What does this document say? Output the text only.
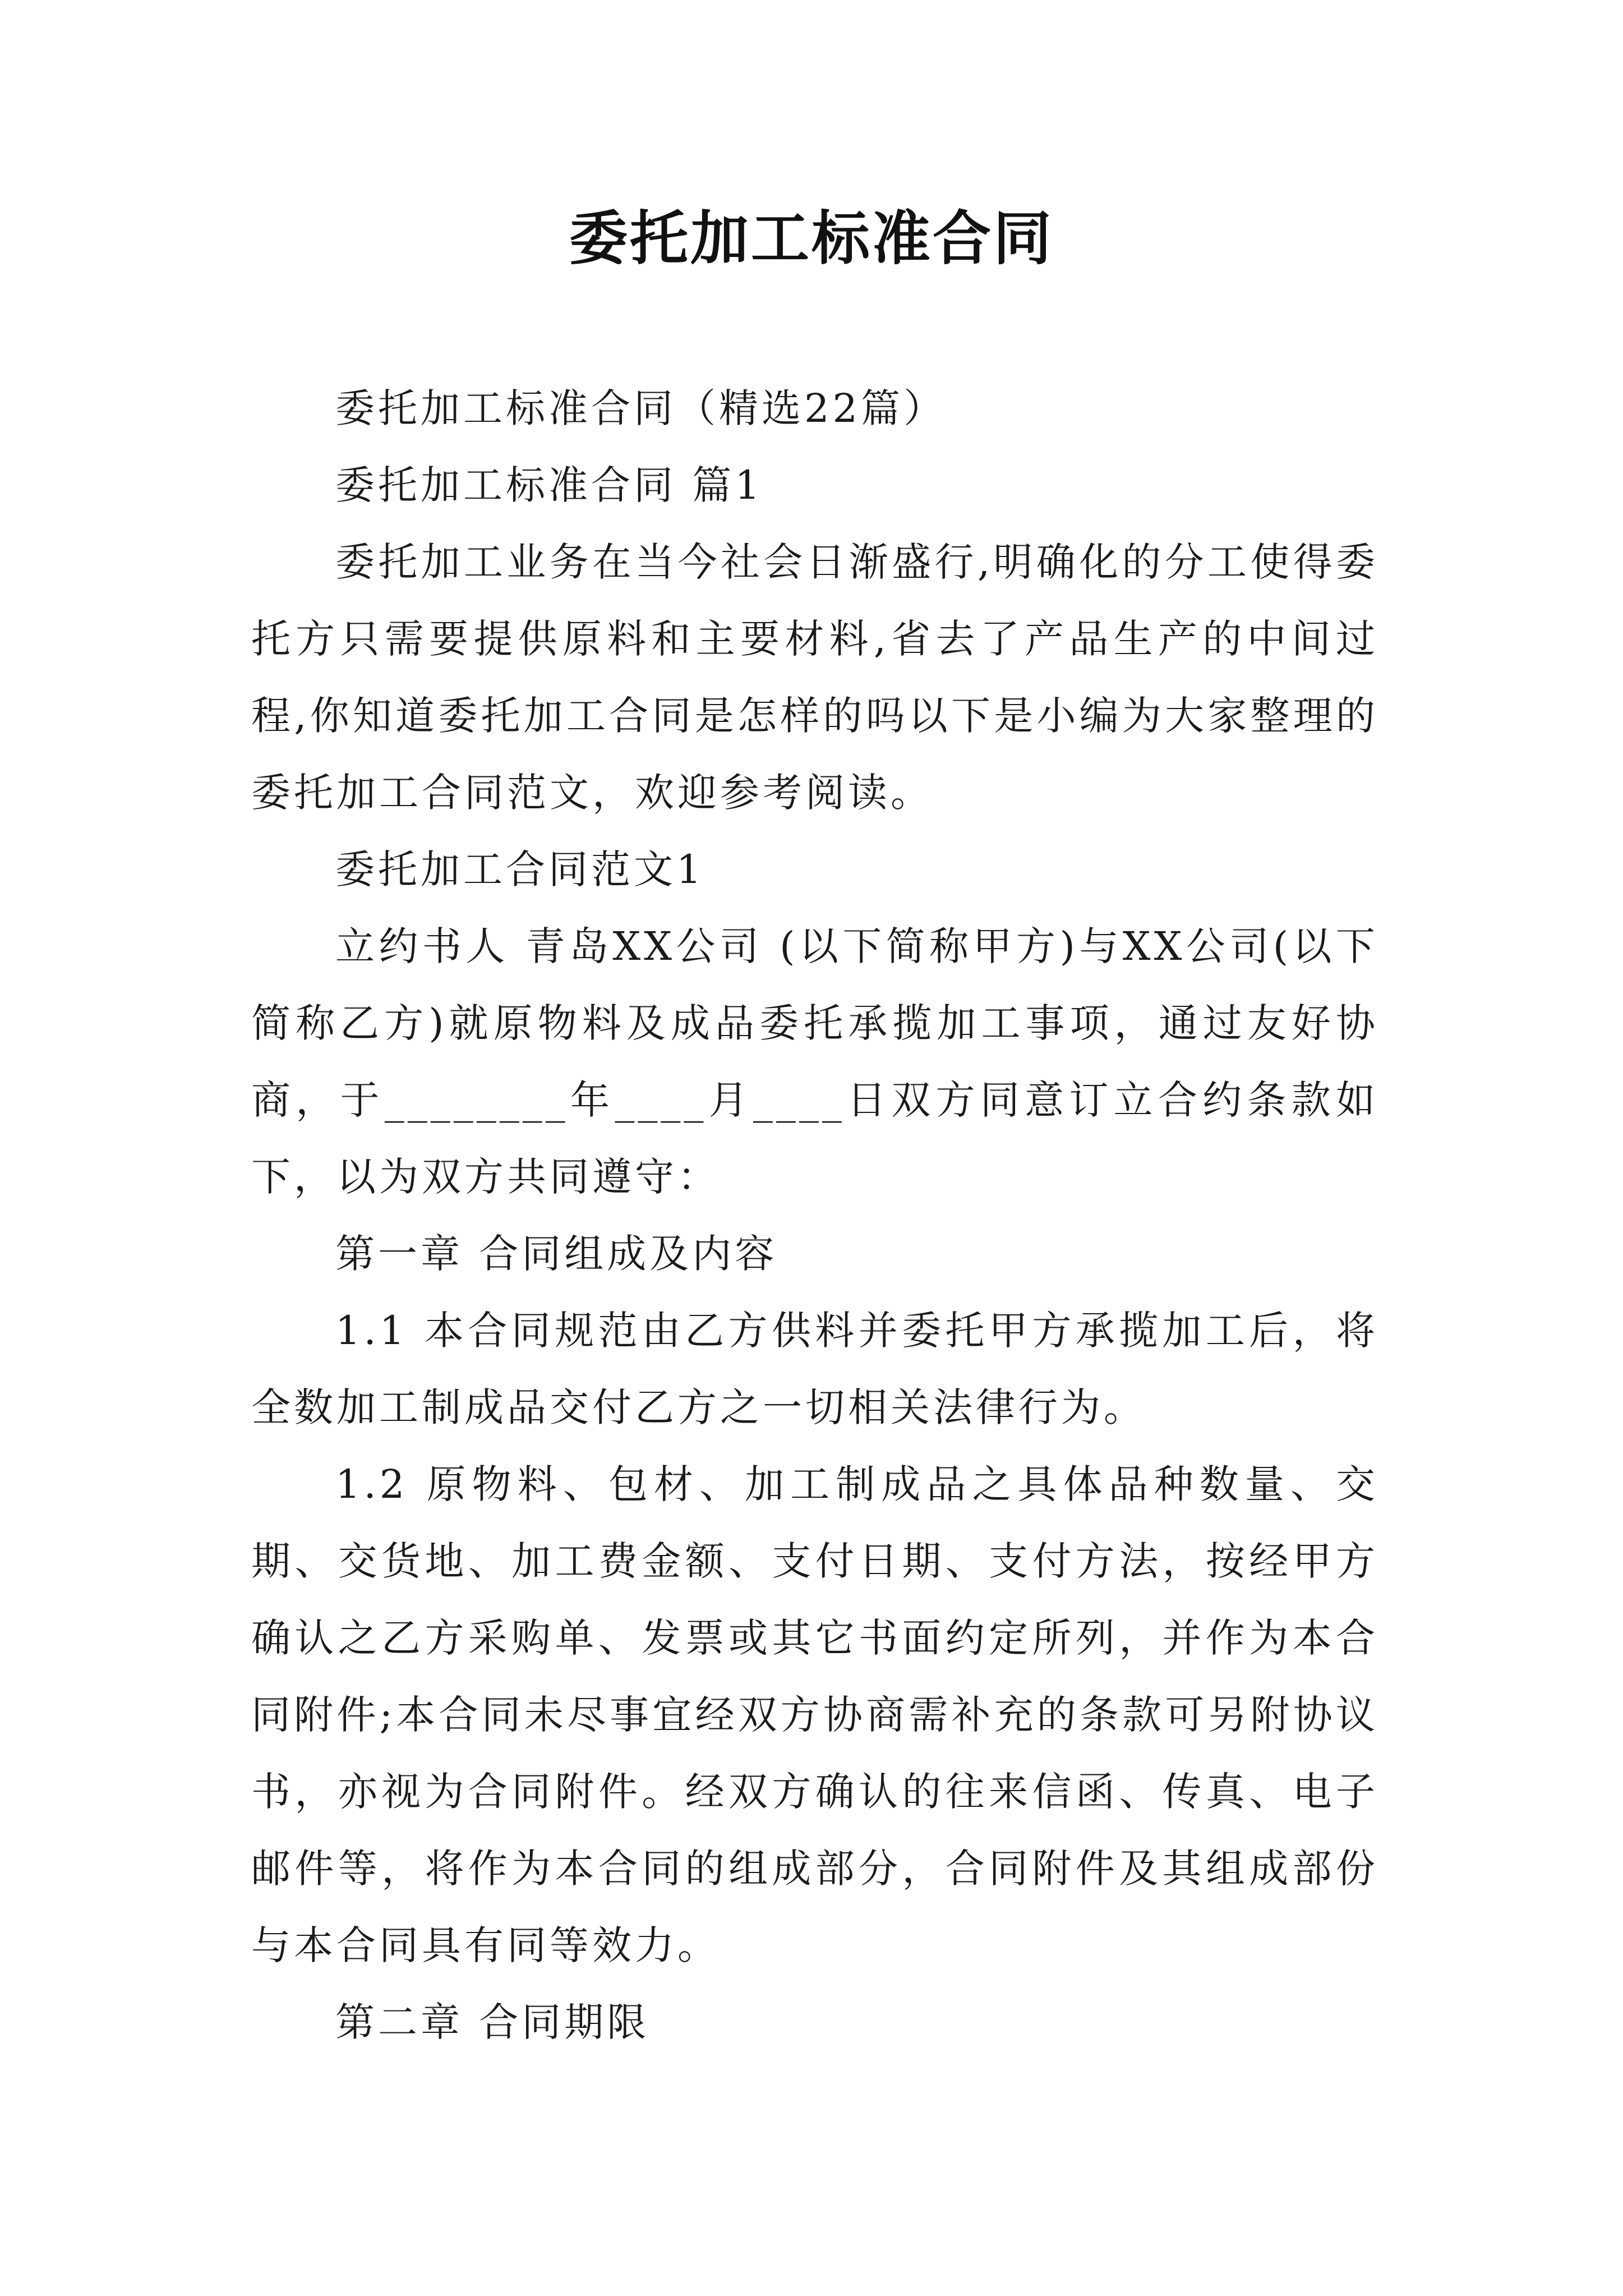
委托加工标准合同

委托加工标准合同（精选22篇）

委托加工标准合同 篇1

委托加工业务在当今社会日渐盛行,明确化的分工使得委托方只需要提供原料和主要材料,省去了产品生产的中间过程,你知道委托加工合同是怎样的吗以下是小编为大家整理的委托加工合同范文，欢迎参考阅读。

委托加工合同范文1

立约书人 青岛XX公司 (以下简称甲方)与XX公司(以下简称乙方)就原物料及成品委托承揽加工事项，通过友好协商，于________年____月____日双方同意订立合约条款如下，以为双方共同遵守：

第一章 合同组成及内容

1.1 本合同规范由乙方供料并委托甲方承揽加工后，将全数加工制成品交付乙方之一切相关法律行为。

1.2 原物料、包材、加工制成品之具体品种数量、交期、交货地、加工费金额、支付日期、支付方法，按经甲方确认之乙方采购单、发票或其它书面约定所列，并作为本合同附件;本合同未尽事宜经双方协商需补充的条款可另附协议书，亦视为合同附件。经双方确认的往来信函、传真、电子邮件等，将作为本合同的组成部分，合同附件及其组成部份与本合同具有同等效力。

第二章 合同期限
